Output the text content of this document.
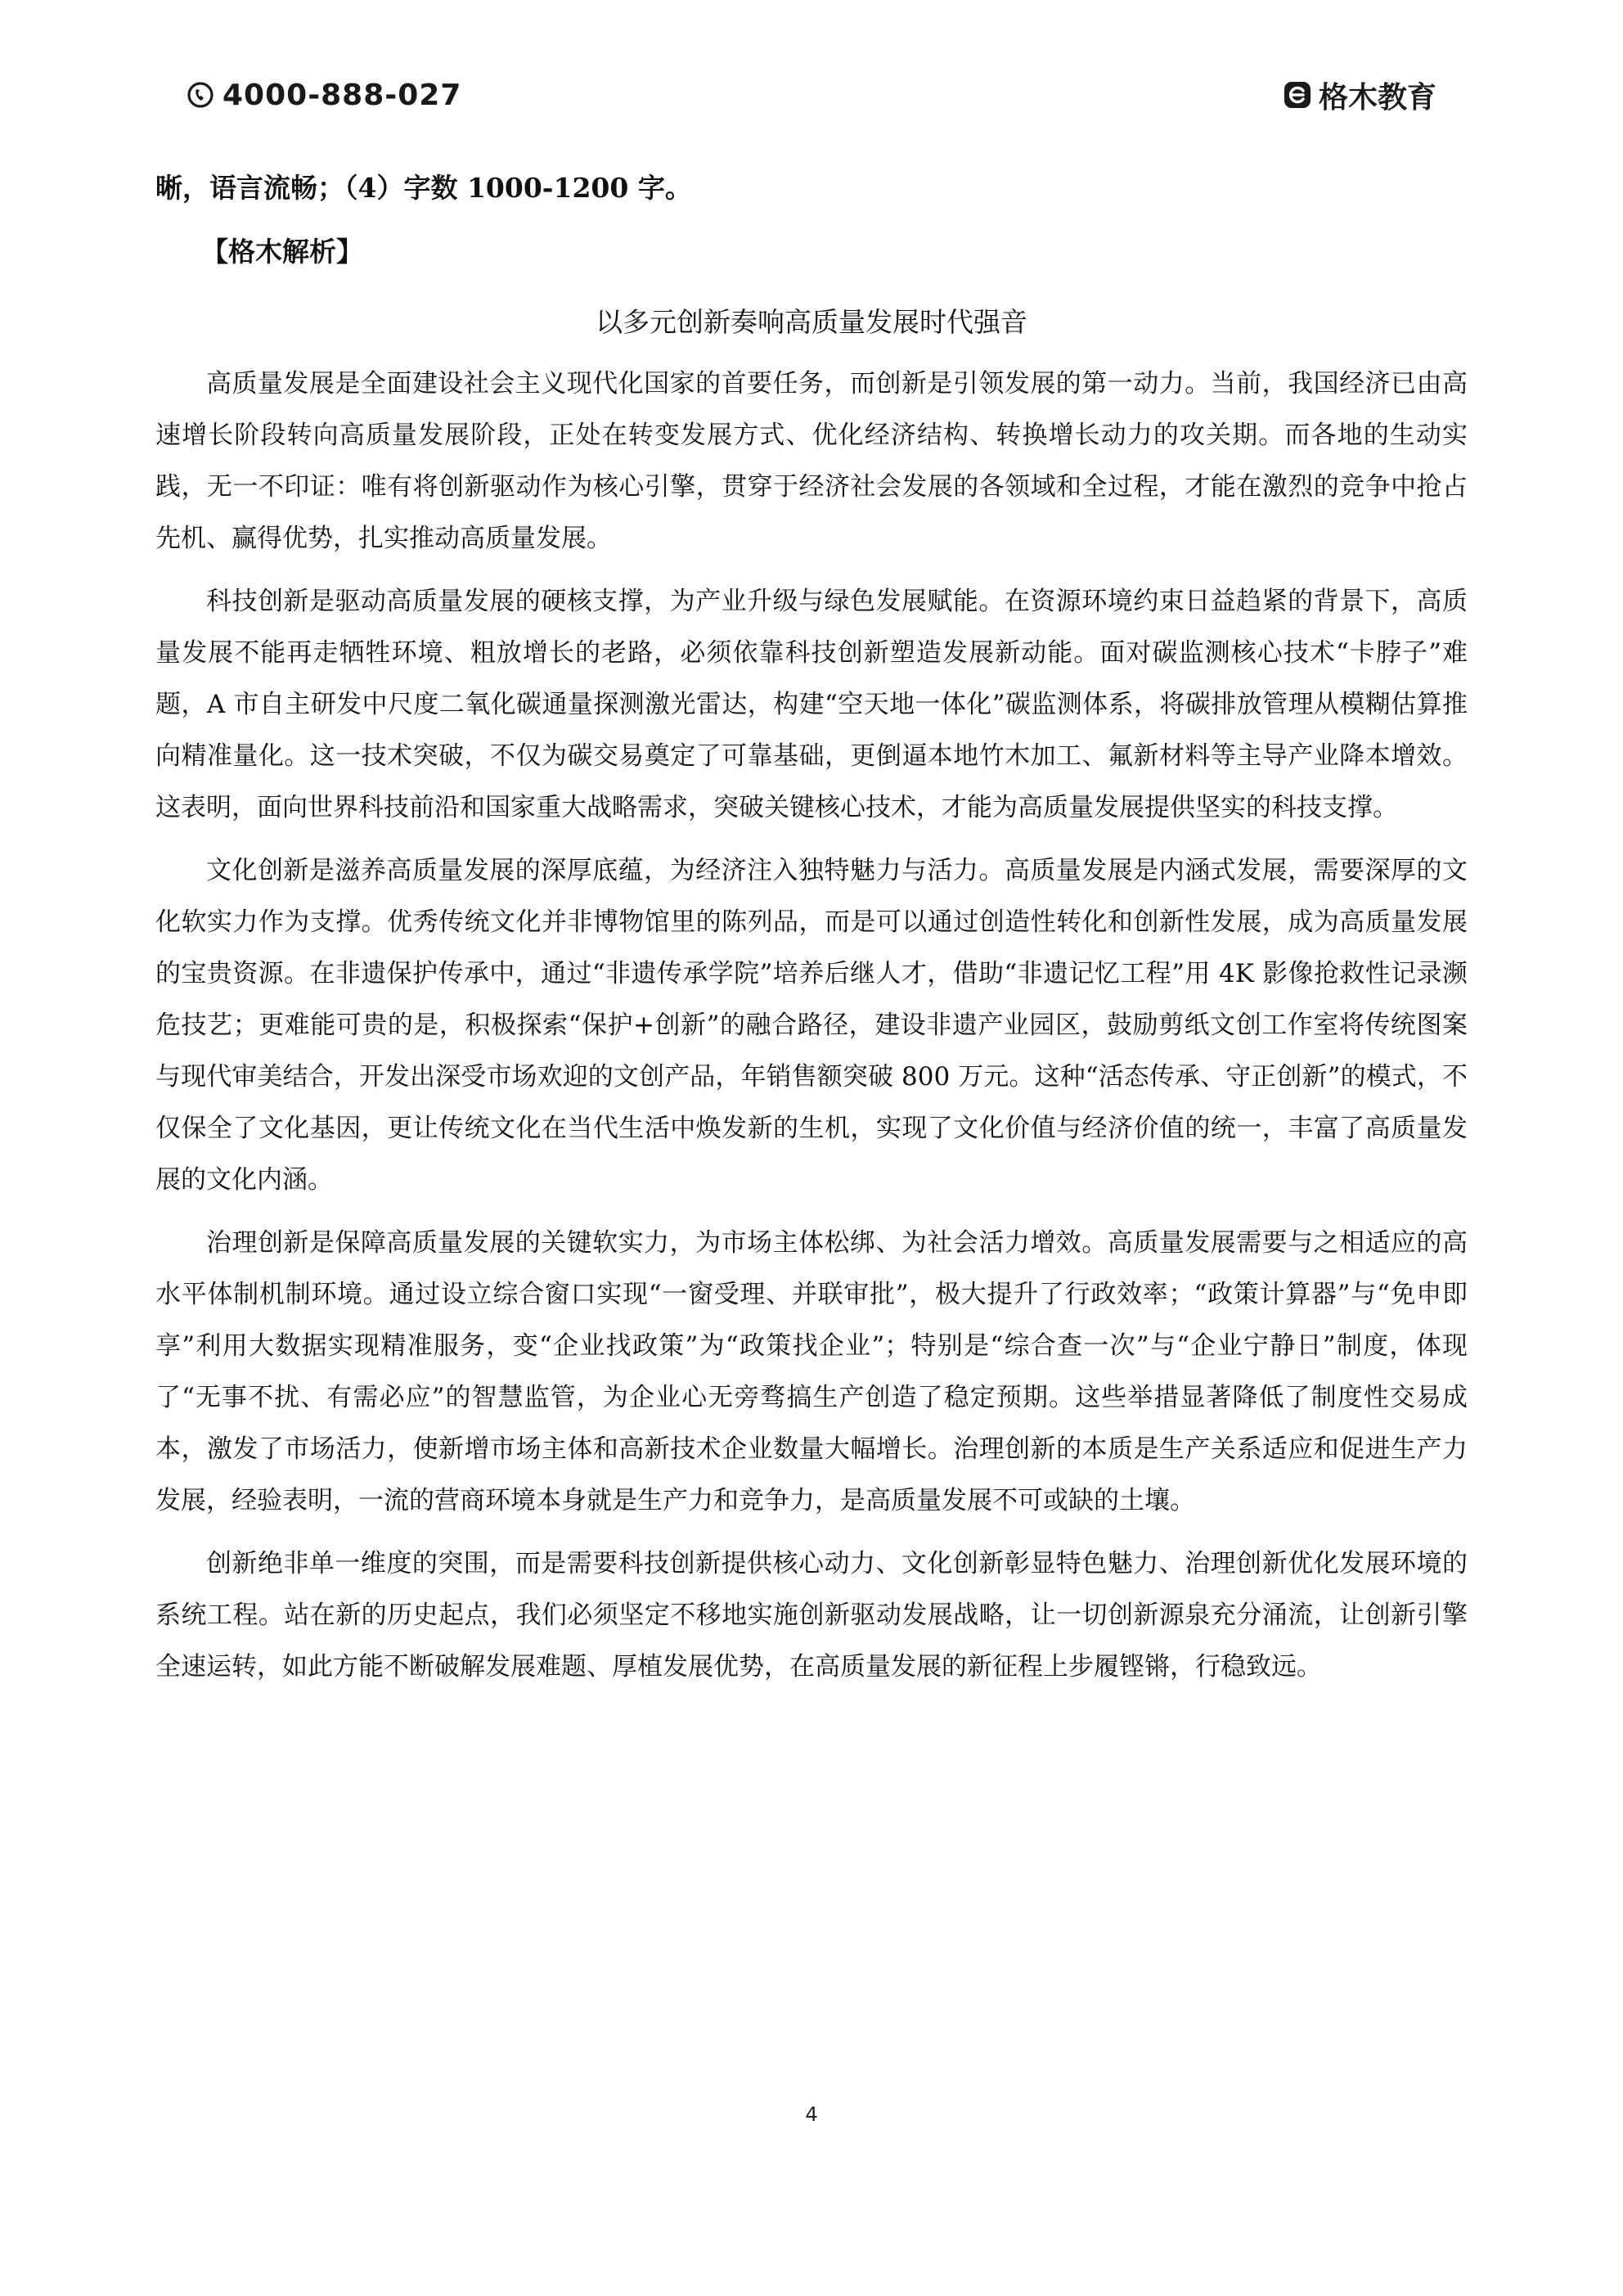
4000-888-027	格木教育

晰，语言流畅；（4）字数 1000-1200 字。

【格木解析】

以多元创新奏响高质量发展时代强音

高质量发展是全面建设社会主义现代化国家的首要任务，而创新是引领发展的第一动力。当前，我国经济已由高速增长阶段转向高质量发展阶段，正处在转变发展方式、优化经济结构、转换增长动力的攻关期。而各地的生动实践，无一不印证：唯有将创新驱动作为核心引擎，贯穿于经济社会发展的各领域和全过程，才能在激烈的竞争中抢占先机、赢得优势，扎实推动高质量发展。

科技创新是驱动高质量发展的硬核支撑，为产业升级与绿色发展赋能。在资源环境约束日益趋紧的背景下，高质量发展不能再走牺牲环境、粗放增长的老路，必须依靠科技创新塑造发展新动能。面对碳监测核心技术“卡脖子”难题，A 市自主研发中尺度二氧化碳通量探测激光雷达，构建“空天地一体化”碳监测体系，将碳排放管理从模糊估算推向精准量化。这一技术突破，不仅为碳交易奠定了可靠基础，更倒逼本地竹木加工、氟新材料等主导产业降本增效。这表明，面向世界科技前沿和国家重大战略需求，突破关键核心技术，才能为高质量发展提供坚实的科技支撑。

文化创新是滋养高质量发展的深厚底蕴，为经济注入独特魅力与活力。高质量发展是内涵式发展，需要深厚的文化软实力作为支撑。优秀传统文化并非博物馆里的陈列品，而是可以通过创造性转化和创新性发展，成为高质量发展的宝贵资源。在非遗保护传承中，通过“非遗传承学院”培养后继人才，借助“非遗记忆工程”用 4K 影像抢救性记录濒危技艺；更难能可贵的是，积极探索“保护+创新”的融合路径，建设非遗产业园区，鼓励剪纸文创工作室将传统图案与现代审美结合，开发出深受市场欢迎的文创产品，年销售额突破 800 万元。这种“活态传承、守正创新”的模式，不仅保全了文化基因，更让传统文化在当代生活中焕发新的生机，实现了文化价值与经济价值的统一，丰富了高质量发展的文化内涵。

治理创新是保障高质量发展的关键软实力，为市场主体松绑、为社会活力增效。高质量发展需要与之相适应的高水平体制机制环境。通过设立综合窗口实现“一窗受理、并联审批”，极大提升了行政效率；“政策计算器”与“免申即享”利用大数据实现精准服务，变“企业找政策”为“政策找企业”；特别是“综合查一次”与“企业宁静日”制度，体现了“无事不扰、有需必应”的智慧监管，为企业心无旁骛搞生产创造了稳定预期。这些举措显著降低了制度性交易成本，激发了市场活力，使新增市场主体和高新技术企业数量大幅增长。治理创新的本质是生产关系适应和促进生产力发展，经验表明，一流的营商环境本身就是生产力和竞争力，是高质量发展不可或缺的土壤。

创新绝非单一维度的突围，而是需要科技创新提供核心动力、文化创新彰显特色魅力、治理创新优化发展环境的系统工程。站在新的历史起点，我们必须坚定不移地实施创新驱动发展战略，让一切创新源泉充分涌流，让创新引擎全速运转，如此方能不断破解发展难题、厚植发展优势，在高质量发展的新征程上步履铿锵，行稳致远。

4
